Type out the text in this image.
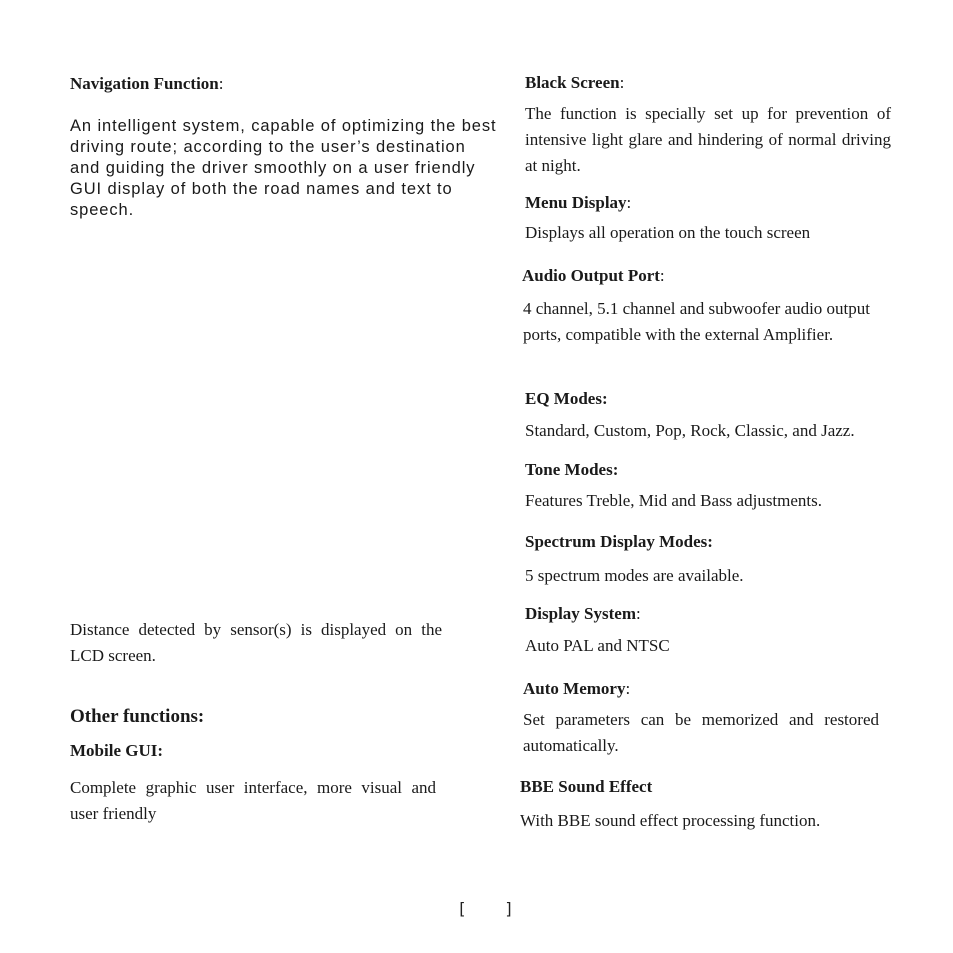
Navigation Function:
An intelligent system, capable of optimizing the best driving route; according to the user’s destination and guiding the driver smoothly on a user friendly GUI display of both the road names and text to speech.
Distance detected by sensor(s) is displayed on the LCD screen.
Other functions:
Mobile GUI:
Complete graphic user interface, more visual and user friendly
Black Screen:
The function is specially set up for prevention of intensive light glare and hindering of normal driving at night.
Menu Display:
Displays all operation on the touch screen
Audio Output Port:
4 channel, 5.1 channel and subwoofer audio output ports, compatible with the external Amplifier.
EQ Modes:
Standard, Custom, Pop, Rock, Classic, and Jazz.
Tone Modes:
Features Treble, Mid and Bass adjustments.
Spectrum Display Modes:
5 spectrum modes are available.
Display System:
Auto PAL and NTSC
Auto Memory:
Set parameters can be memorized and restored automatically.
BBE Sound Effect
With BBE sound effect processing function.
[ ]
